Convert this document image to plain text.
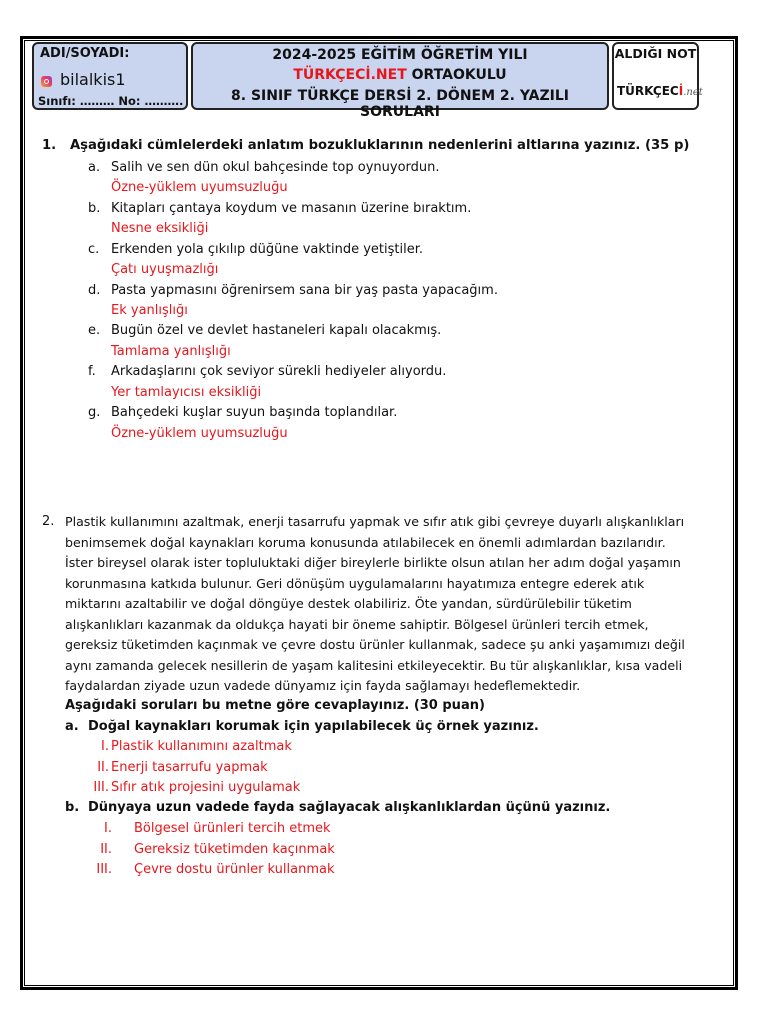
ADI/SOYADI:
bilalkis1
Sınıfı: ……… No: ……….
2024-2025 EĞİTİM ÖĞRETİM YILI
TÜRKÇECİ.NET ORTAOKULU
8. SINIF TÜRKÇE DERSİ 2. DÖNEM 2. YAZILI SORULARI
ALDIĞI NOT
TÜRKÇECİ.net
1. Aşağıdaki cümlelerdeki anlatım bozukluklarının nedenlerini altlarına yazınız. (35 p)
a. Salih ve sen dün okul bahçesinde top oynuyordun.
Özne-yüklem uyumsuzluğu
b. Kitapları çantaya koydum ve masanın üzerine bıraktım.
Nesne eksikliği
c. Erkenden yola çıkılıp düğüne vaktinde yetiştiler.
Çatı uyuşmazlığı
d. Pasta yapmasını öğrenirsem sana bir yaş pasta yapacağım.
Ek yanlışlığı
e. Bugün özel ve devlet hastaneleri kapalı olacakmış.
Tamlama yanlışlığı
f. Arkadaşlarını çok seviyor sürekli hediyeler alıyordu.
Yer tamlayıcısı eksikliği
g. Bahçedeki kuşlar suyun başında toplandılar.
Özne-yüklem uyumsuzluğu
2. Plastik kullanımını azaltmak, enerji tasarrufu yapmak ve sıfır atık gibi çevreye duyarlı alışkanlıkları
benimsemek doğal kaynakları koruma konusunda atılabilecek en önemli adımlardan bazılarıdır.
İster bireysel olarak ister topluluktaki diğer bireylerle birlikte olsun atılan her adım doğal yaşamın
korunmasına katkıda bulunur. Geri dönüşüm uygulamalarını hayatımıza entegre ederek atık
miktarını azaltabilir ve doğal döngüye destek olabiliriz. Öte yandan, sürdürülebilir tüketim
alışkanlıkları kazanmak da oldukça hayati bir öneme sahiptir. Bölgesel ürünleri tercih etmek,
gereksiz tüketimden kaçınmak ve çevre dostu ürünler kullanmak, sadece şu anki yaşamımızı değil
aynı zamanda gelecek nesillerin de yaşam kalitesini etkileyecektir. Bu tür alışkanlıklar, kısa vadeli
faydalardan ziyade uzun vadede dünyamız için fayda sağlamayı hedeflemektedir.
Aşağıdaki soruları bu metne göre cevaplayınız. (30 puan)
a. Doğal kaynakları korumak için yapılabilecek üç örnek yazınız.
I. Plastik kullanımını azaltmak
II. Enerji tasarrufu yapmak
III. Sıfır atık projesini uygulamak
b. Dünyaya uzun vadede fayda sağlayacak alışkanlıklardan üçünü yazınız.
I. Bölgesel ürünleri tercih etmek
II. Gereksiz tüketimden kaçınmak
III. Çevre dostu ürünler kullanmak
